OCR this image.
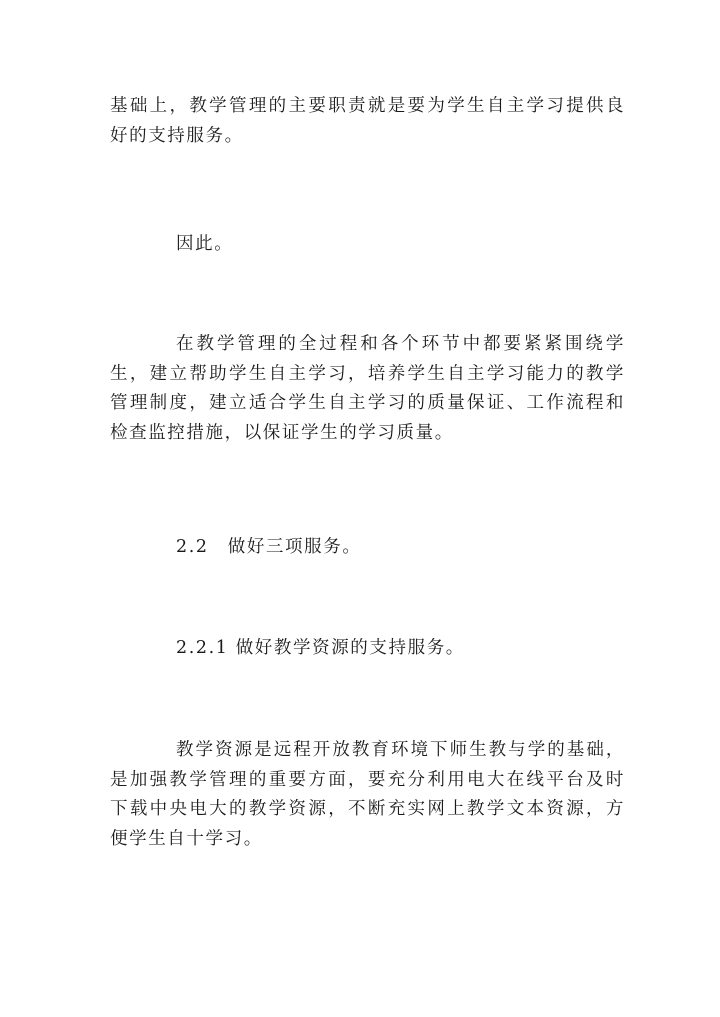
基础上，教学管理的主要职责就是要为学生自主学习提供良好的支持服务。

因此。

在教学管理的全过程和各个环节中都要紧紧围绕学生，建立帮助学生自主学习，培养学生自主学习能力的教学管理制度，建立适合学生自主学习的质量保证、工作流程和检查监控措施，以保证学生的学习质量。

2.2　做好三项服务。

2.2.1 做好教学资源的支持服务。

教学资源是远程开放教育环境下师生教与学的基础，是加强教学管理的重要方面，要充分利用电大在线平台及时下载中央电大的教学资源，不断充实网上教学文本资源，方便学生自十学习。
